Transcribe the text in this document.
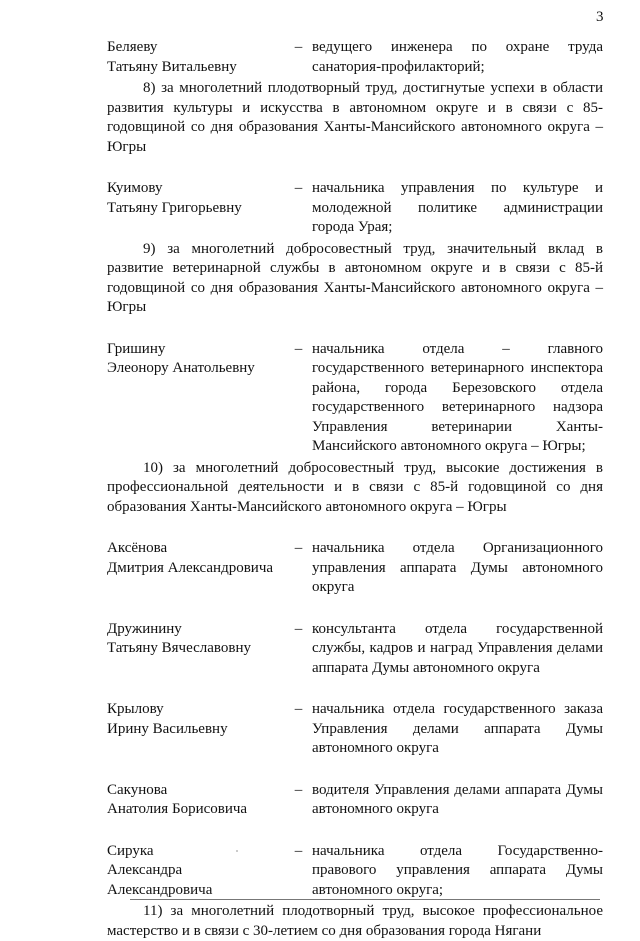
3
Беляеву
Татьяну Витальевну
– ведущего инженера по охране труда санатория-профилакторий;
8) за многолетний плодотворный труд, достигнутые успехи в области развития культуры и искусства в автономном округе и в связи с 85-годовщиной со дня образования Ханты-Мансийского автономного округа – Югры
Куимову
Татьяну Григорьевну
– начальника управления по культуре и молодежной политике администрации города Урая;
9) за многолетний добросовестный труд, значительный вклад в развитие ветеринарной службы в автономном округе и в связи с 85-й годовщиной со дня образования Ханты-Мансийского автономного округа – Югры
Гришину
Элеонору Анатольевну
– начальника отдела – главного государственного ветеринарного инспектора района, города Березовского отдела государственного ветеринарного надзора Управления ветеринарии Ханты-Мансийского автономного округа – Югры;
10) за многолетний добросовестный труд, высокие достижения в профессиональной деятельности и в связи с 85-й годовщиной со дня образования Ханты-Мансийского автономного округа – Югры
Аксёнова
Дмитрия Александровича
– начальника отдела Организационного управления аппарата Думы автономного округа
Дружинину
Татьяну Вячеславовну
– консультанта отдела государственной службы, кадров и наград Управления делами аппарата Думы автономного округа
Крылову
Ирину Васильевну
– начальника отдела государственного заказа Управления делами аппарата Думы автономного округа
Сакунова
Анатолия Борисовича
– водителя Управления делами аппарата Думы автономного округа
Сирука
Александра Александровича
– начальника отдела Государственно-правового управления аппарата Думы автономного округа;
11) за многолетний плодотворный труд, высокое профессиональное мастерство и в связи с 30-летием со дня образования города Нягани
